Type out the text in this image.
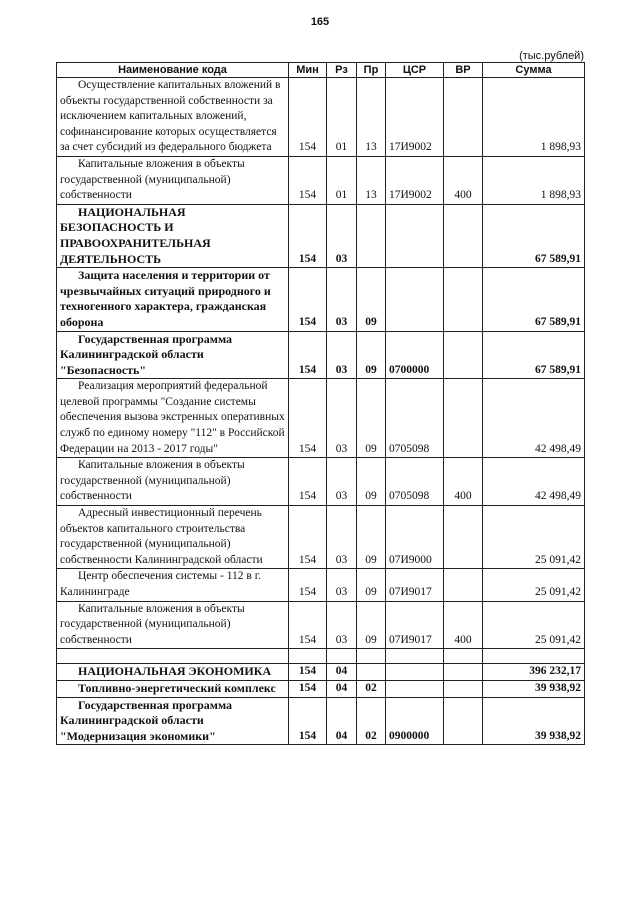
165
(тыс.рублей)
Наименование кода	Мин	Рз	Пр	ЦСР	ВР	Сумма
Осуществление капитальных вложений в объекты государственной собственности за исключением капитальных вложений, софинансирование которых осуществляется за счет субсидий из федерального бюджета	154	01	13	17И9002		1 898,93
Капитальные вложения в объекты государственной (муниципальной) собственности	154	01	13	17И9002	400	1 898,93
НАЦИОНАЛЬНАЯ БЕЗОПАСНОСТЬ И ПРАВООХРАНИТЕЛЬНАЯ ДЕЯТЕЛЬНОСТЬ	154	03				67 589,91
Защита населения и территории от чрезвычайных ситуаций природного и техногенного характера, гражданская оборона	154	03	09			67 589,91
Государственная программа Калининградской области "Безопасность"	154	03	09	0700000		67 589,91
Реализация мероприятий федеральной целевой программы "Создание системы обеспечения вызова экстренных оперативных служб по единому номеру "112" в Российской Федерации на 2013 - 2017 годы"	154	03	09	0705098		42 498,49
Капитальные вложения в объекты государственной (муниципальной) собственности	154	03	09	0705098	400	42 498,49
Адресный инвестиционный перечень объектов капитального строительства государственной (муниципальной) собственности Калининградской области	154	03	09	07И9000		25 091,42
Центр обеспечения системы - 112 в г. Калининграде	154	03	09	07И9017		25 091,42
Капитальные вложения в объекты государственной (муниципальной) собственности	154	03	09	07И9017	400	25 091,42

НАЦИОНАЛЬНАЯ ЭКОНОМИКА	154	04				396 232,17
Топливно-энергетический комплекс	154	04	02			39 938,92
Государственная программа Калининградской области "Модернизация экономики"	154	04	02	0900000		39 938,92
